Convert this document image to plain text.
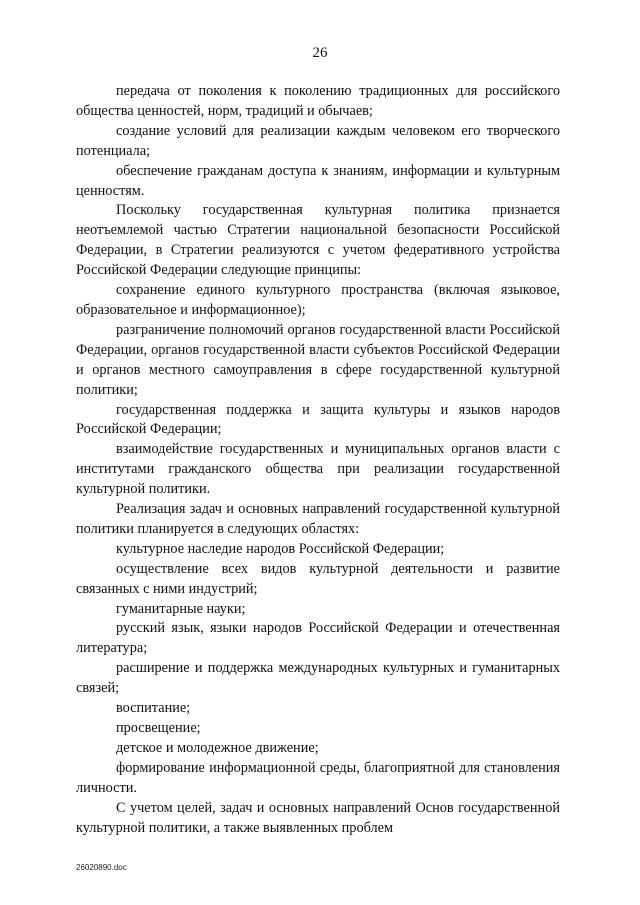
26

передача от поколения к поколению традиционных для российского общества ценностей, норм, традиций и обычаев;

создание условий для реализации каждым человеком его творческого потенциала;

обеспечение гражданам доступа к знаниям, информации и культурным ценностям.

Поскольку государственная культурная политика признается неотъемлемой частью Стратегии национальной безопасности Российской Федерации, в Стратегии реализуются с учетом федеративного устройства Российской Федерации следующие принципы:

сохранение единого культурного пространства (включая языковое, образовательное и информационное);

разграничение полномочий органов государственной власти Российской Федерации, органов государственной власти субъектов Российской Федерации и органов местного самоуправления в сфере государственной культурной политики;

государственная поддержка и защита культуры и языков народов Российской Федерации;

взаимодействие государственных и муниципальных органов власти с институтами гражданского общества при реализации государственной культурной политики.

Реализация задач и основных направлений государственной культурной политики планируется в следующих областях:

культурное наследие народов Российской Федерации;

осуществление всех видов культурной деятельности и развитие связанных с ними индустрий;

гуманитарные науки;

русский язык, языки народов Российской Федерации и отечественная литература;

расширение и поддержка международных культурных и гуманитарных связей;

воспитание;

просвещение;

детское и молодежное движение;

формирование информационной среды, благоприятной для становления личности.

С учетом целей, задач и основных направлений Основ государственной культурной политики, а также выявленных проблем

26020890.doc
